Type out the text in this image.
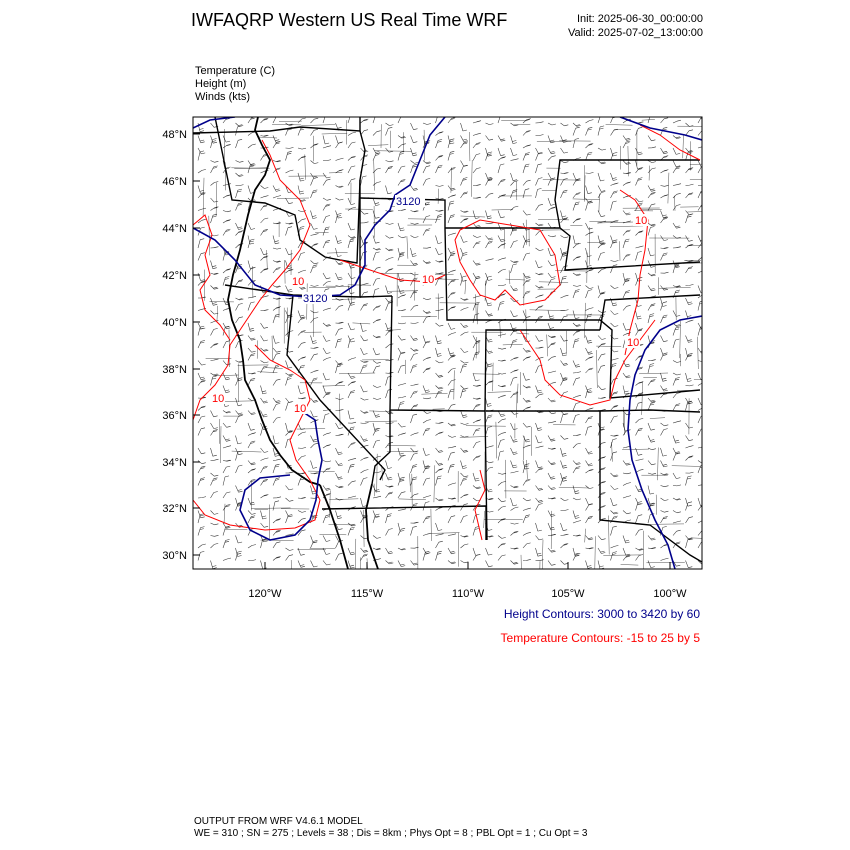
IWFAQRP Western US Real Time WRF	Init: 2025-06-30_00:00:00
Valid: 2025-07-02_13:00:00
Temperature (C)
Height (m)
Winds (kts)
3120
3120
10	10
10
10
10
10
48°N
46°N
44°N
42°N
40°N
38°N
36°N
34°N
32°N
30°N
120°W	115°W	110°W	105°W	100°W
Height Contours: 3000 to 3420 by 60
Temperature Contours: -15 to 25 by 5
OUTPUT FROM WRF V4.6.1 MODEL
WE = 310 ; SN = 275 ; Levels = 38 ; Dis = 8km ; Phys Opt = 8 ; PBL Opt = 1 ; Cu Opt = 3
